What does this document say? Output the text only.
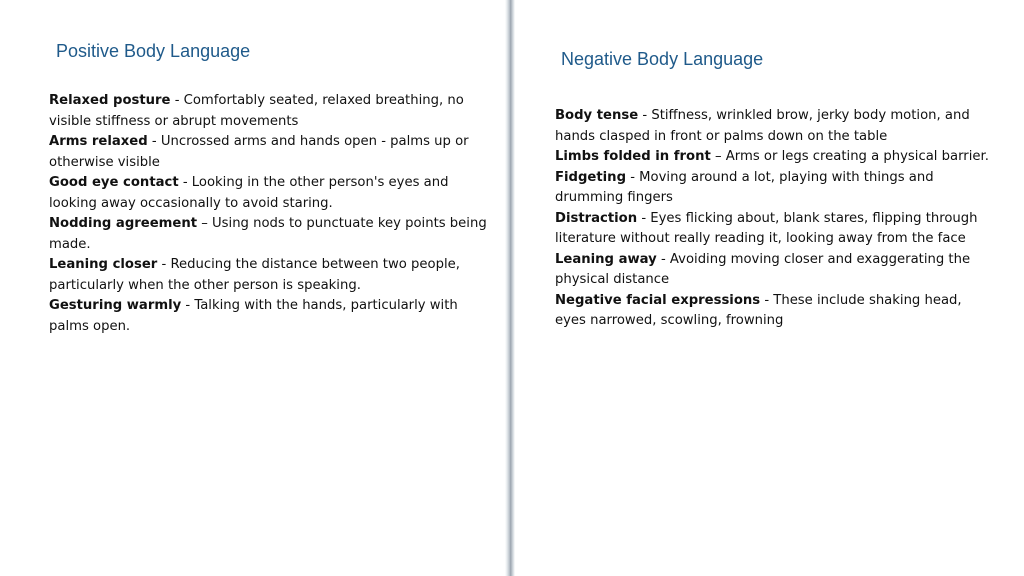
Positive Body Language
Relaxed posture - Comfortably seated, relaxed breathing, no visible stiffness or abrupt movements
Arms relaxed - Uncrossed arms and hands open - palms up or otherwise visible
Good eye contact - Looking in the other person's eyes and looking away occasionally to avoid staring.
Nodding agreement – Using nods to punctuate key points being made.
Leaning closer - Reducing the distance between two people, particularly when the other person is speaking.
Gesturing warmly - Talking with the hands, particularly with palms open.
Negative Body Language
Body tense - Stiffness, wrinkled brow, jerky body motion, and hands clasped in front or palms down on the table
Limbs folded in front – Arms or legs creating a physical barrier.
Fidgeting - Moving around a lot, playing with things and drumming fingers
Distraction - Eyes flicking about, blank stares, flipping through literature without really reading it, looking away from the face
Leaning away - Avoiding moving closer and exaggerating the physical distance
Negative facial expressions - These include shaking head, eyes narrowed, scowling, frowning
